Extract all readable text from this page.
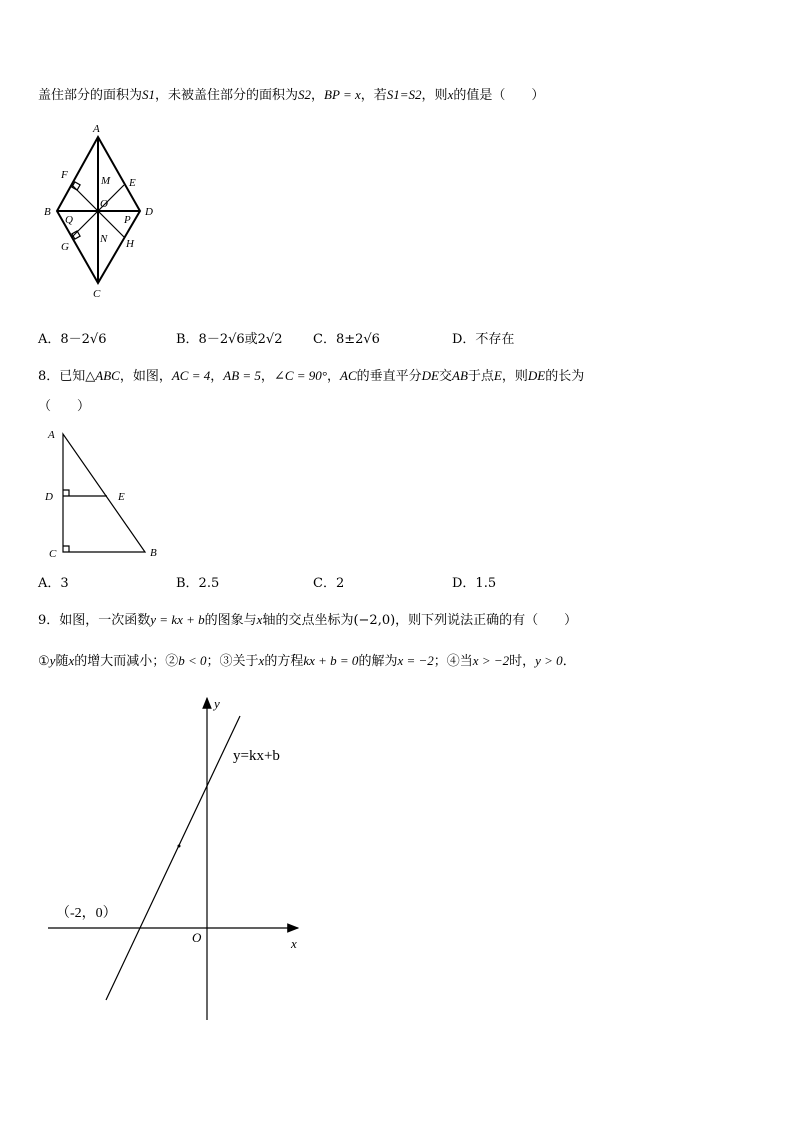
盖住部分的面积为S1，未被盖住部分的面积为S2，BP = x，若S1=S2，则x的值是（　　）
A
F	M E
O
B
Q	P
D
N
G	H
C
A．8－2√6	B．8－2√6或2√2 C．8±2√6	D．不存在
8．已知△ABC，如图，AC = 4，AB = 5，∠C = 90°，AC的垂直平分DE交AB于点E，则DE的长为
（　　）
A
D	E
C	B
A．3	B．2.5	C．2	D．1.5
9．如图，一次函数y = kx + b的图象与x轴的交点坐标为(−2,0)，则下列说法正确的有（　　）
①y随x的增大而减小；②b < 0；③关于x的方程kx + b = 0的解为x = −2；④当x > −2时，y > 0．
y
x
O
y=kx+b
（-2，0）
